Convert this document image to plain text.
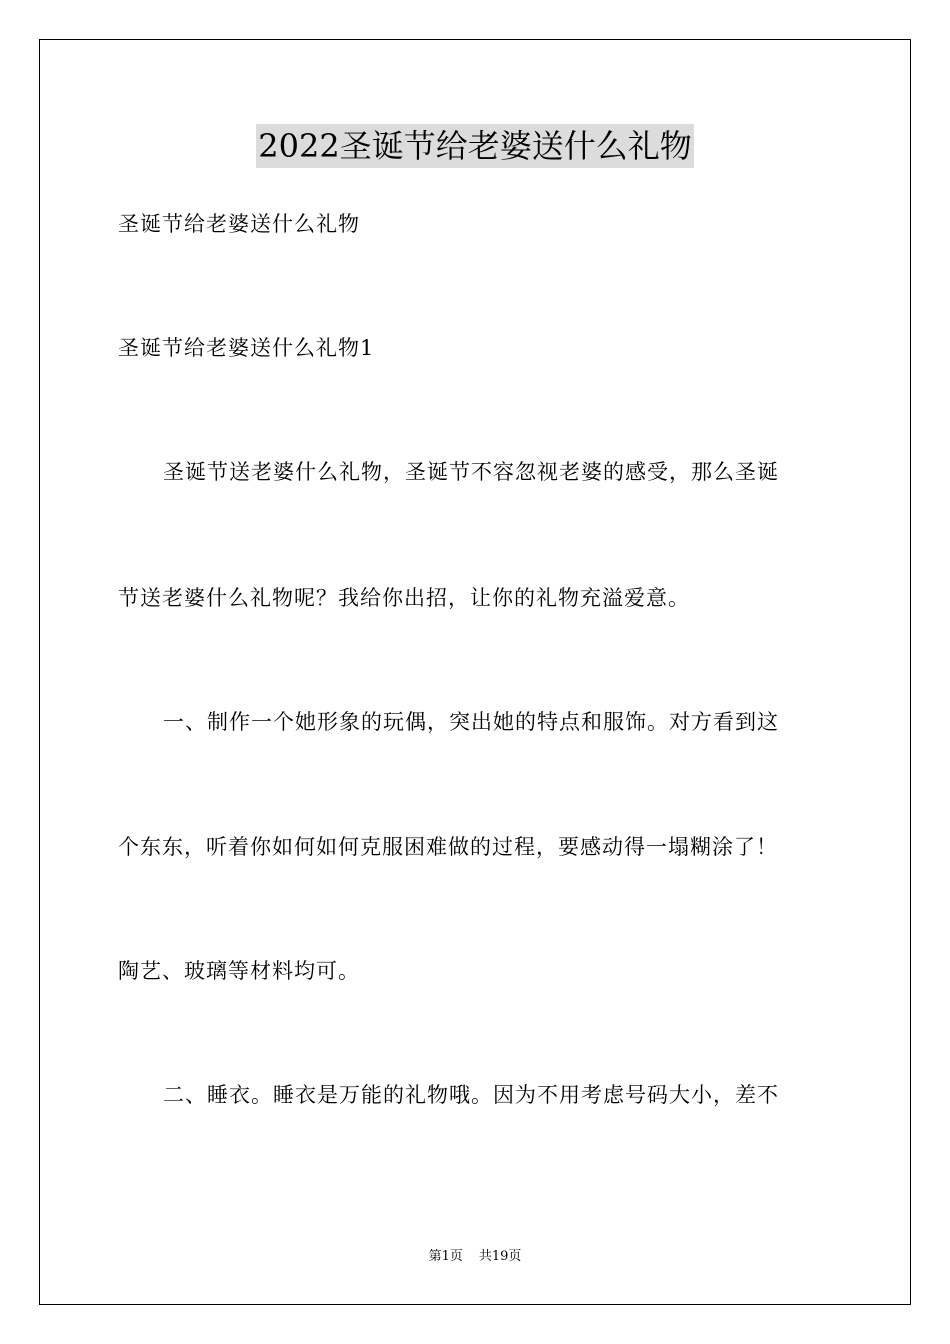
2022圣诞节给老婆送什么礼物
圣诞节给老婆送什么礼物
圣诞节给老婆送什么礼物1
圣诞节送老婆什么礼物，圣诞节不容忽视老婆的感受，那么圣诞
节送老婆什么礼物呢？我给你出招，让你的礼物充溢爱意。
一、制作一个她形象的玩偶，突出她的特点和服饰。对方看到这
个东东，听着你如何如何克服困难做的过程，要感动得一塌糊涂了！
陶艺、玻璃等材料均可。
二、睡衣。睡衣是万能的礼物哦。因为不用考虑号码大小，差不
第1页 共19页
